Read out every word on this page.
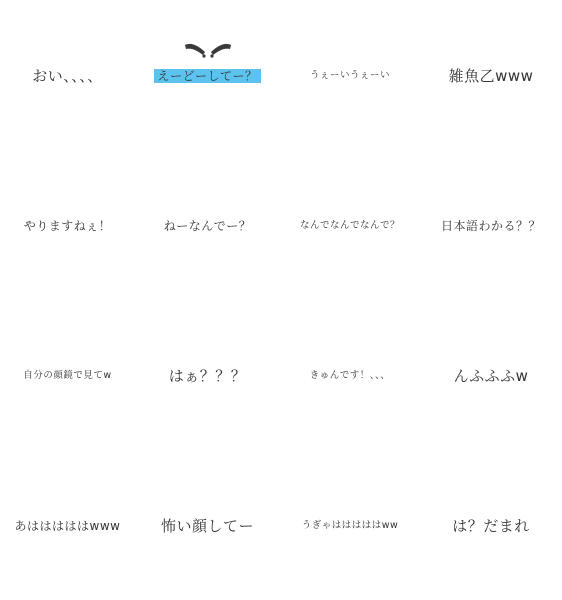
おい、、、、	えーどーしてー？	うぇーいうぇーい	雑魚乙www
やりますねぇ！	ねーなんでー？	なんでなんでなんで？	日本語わかる？？
自分の顔鏡で見てw	はぁ？？？	きゅんです！、、、	んふふふw
あはははははwww	怖い顔してー	うぎゃはははははww	は？だまれ
